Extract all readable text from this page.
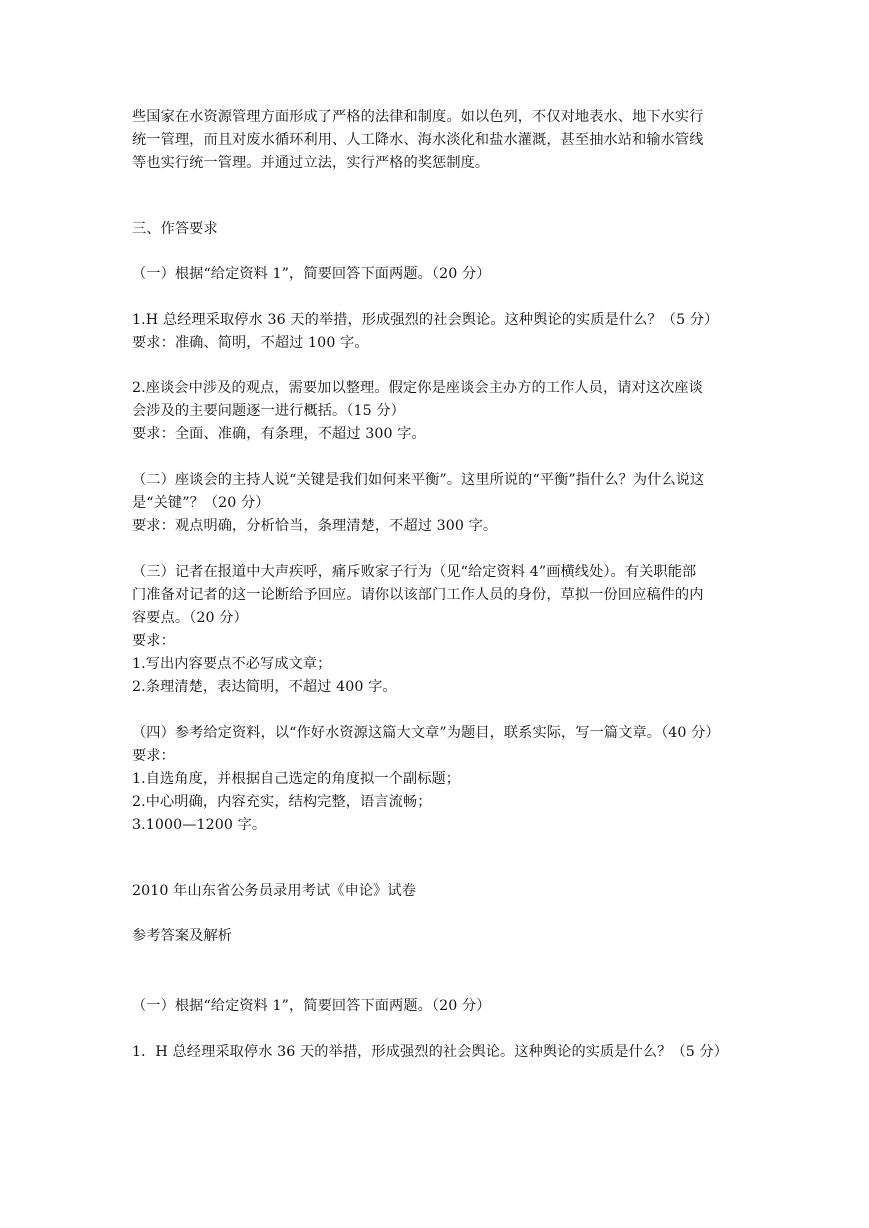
些国家在水资源管理方面形成了严格的法律和制度。如以色列，不仅对地表水、地下水实行
统一管理，而且对废水循环利用、人工降水、海水淡化和盐水灌溉，甚至抽水站和输水管线
等也实行统一管理。并通过立法，实行严格的奖惩制度。
三、作答要求
（一）根据“给定资料 1”，简要回答下面两题。（20 分）
1.H 总经理采取停水 36 天的举措，形成强烈的社会舆论。这种舆论的实质是什么？（5 分）
要求：准确、简明，不超过 100 字。
2.座谈会中涉及的观点，需要加以整理。假定你是座谈会主办方的工作人员，请对这次座谈
会涉及的主要问题逐一进行概括。（15 分）
要求：全面、准确，有条理，不超过 300 字。
（二）座谈会的主持人说“关键是我们如何来平衡”。这里所说的“平衡”指什么？为什么说这
是“关键”？（20 分）
要求：观点明确，分析恰当，条理清楚，不超过 300 字。
（三）记者在报道中大声疾呼，痛斥败家子行为（见“给定资料 4”画横线处）。有关职能部
门准备对记者的这一论断给予回应。请你以该部门工作人员的身份，草拟一份回应稿件的内
容要点。（20 分）
要求：
1.写出内容要点不必写成文章；
2.条理清楚，表达简明，不超过 400 字。
（四）参考给定资料，以“作好水资源这篇大文章”为题目，联系实际，写一篇文章。（40 分）
要求：
1.自选角度，并根据自己选定的角度拟一个副标题；
2.中心明确，内容充实，结构完整，语言流畅；
3.1000—1200 字。
2010 年山东省公务员录用考试《申论》试卷
参考答案及解析
（一）根据“给定资料 1”，简要回答下面两题。（20 分）
1．H 总经理采取停水 36 天的举措，形成强烈的社会舆论。这种舆论的实质是什么？（5 分）
